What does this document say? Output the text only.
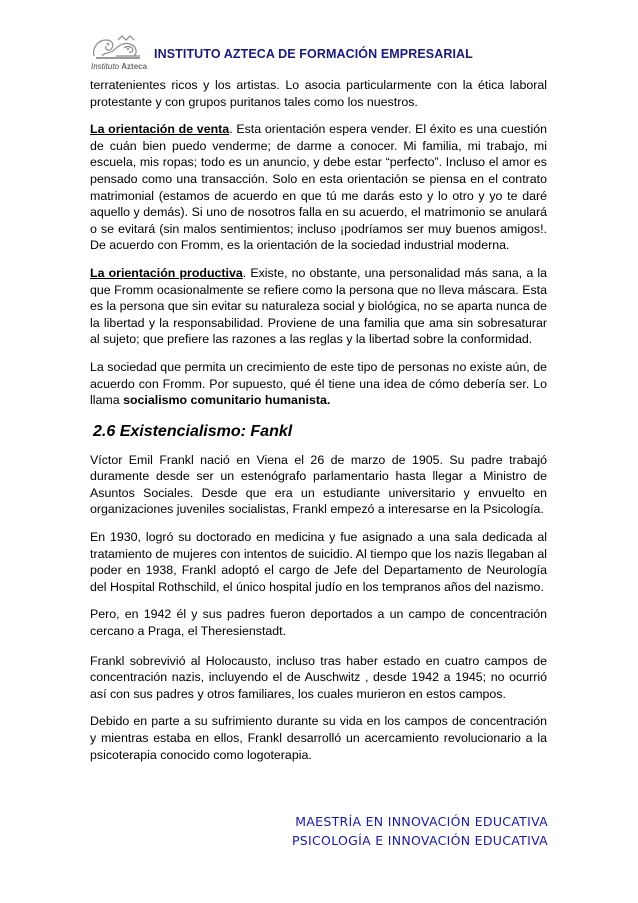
Instituto Azteca
INSTITUTO AZTECA DE FORMACIÓN EMPRESARIAL

terratenientes ricos y los artistas. Lo asocia particularmente con la ética laboral protestante y con grupos puritanos tales como los nuestros.

La orientación de venta. Esta orientación espera vender. El éxito es una cuestión de cuán bien puedo venderme; de darme a conocer. Mi familia, mi trabajo, mi escuela, mis ropas; todo es un anuncio, y debe estar “perfecto”. Incluso el amor es pensado como una transacción. Solo en esta orientación se piensa en el contrato matrimonial (estamos de acuerdo en que tú me darás esto y lo otro y yo te daré aquello y demás). Si uno de nosotros falla en su acuerdo, el matrimonio se anulará o se evitará (sin malos sentimientos; incluso ¡podríamos ser muy buenos amigos!. De acuerdo con Fromm, es la orientación de la sociedad industrial moderna.

La orientación productiva. Existe, no obstante, una personalidad más sana, a la que Fromm ocasionalmente se refiere como la persona que no lleva máscara. Esta es la persona que sin evitar su naturaleza social y biológica, no se aparta nunca de la libertad y la responsabilidad. Proviene de una familia que ama sin sobresaturar al sujeto; que prefiere las razones a las reglas y la libertad sobre la conformidad.

La sociedad que permita un crecimiento de este tipo de personas no existe aún, de acuerdo con Fromm. Por supuesto, qué él tiene una idea de cómo debería ser. Lo llama socialismo comunitario humanista.

2.6 Existencialismo: Fankl

Víctor Emil Frankl nació en Viena el 26 de marzo de 1905. Su padre trabajó duramente desde ser un estenógrafo parlamentario hasta llegar a Ministro de Asuntos Sociales. Desde que era un estudiante universitario y envuelto en organizaciones juveniles socialistas, Frankl empezó a interesarse en la Psicología.

En 1930, logró su doctorado en medicina y fue asignado a una sala dedicada al tratamiento de mujeres con intentos de suicidio. Al tiempo que los nazis llegaban al poder en 1938, Frankl adoptó el cargo de Jefe del Departamento de Neurología del Hospital Rothschild, el único hospital judío en los tempranos años del nazismo.

Pero, en 1942 él y sus padres fueron deportados a un campo de concentración cercano a Praga, el Theresienstadt.

Frankl sobrevivió al Holocausto, incluso tras haber estado en cuatro campos de concentración nazis, incluyendo el de Auschwitz , desde 1942 a 1945; no ocurrió así con sus padres y otros familiares, los cuales murieron en estos campos.

Debido en parte a su sufrimiento durante su vida en los campos de concentración y mientras estaba en ellos, Frankl desarrolló un acercamiento revolucionario a la psicoterapia conocido como logoterapia.

MAESTRÍA EN INNOVACIÓN EDUCATIVA
PSICOLOGÍA E INNOVACIÓN EDUCATIVA
